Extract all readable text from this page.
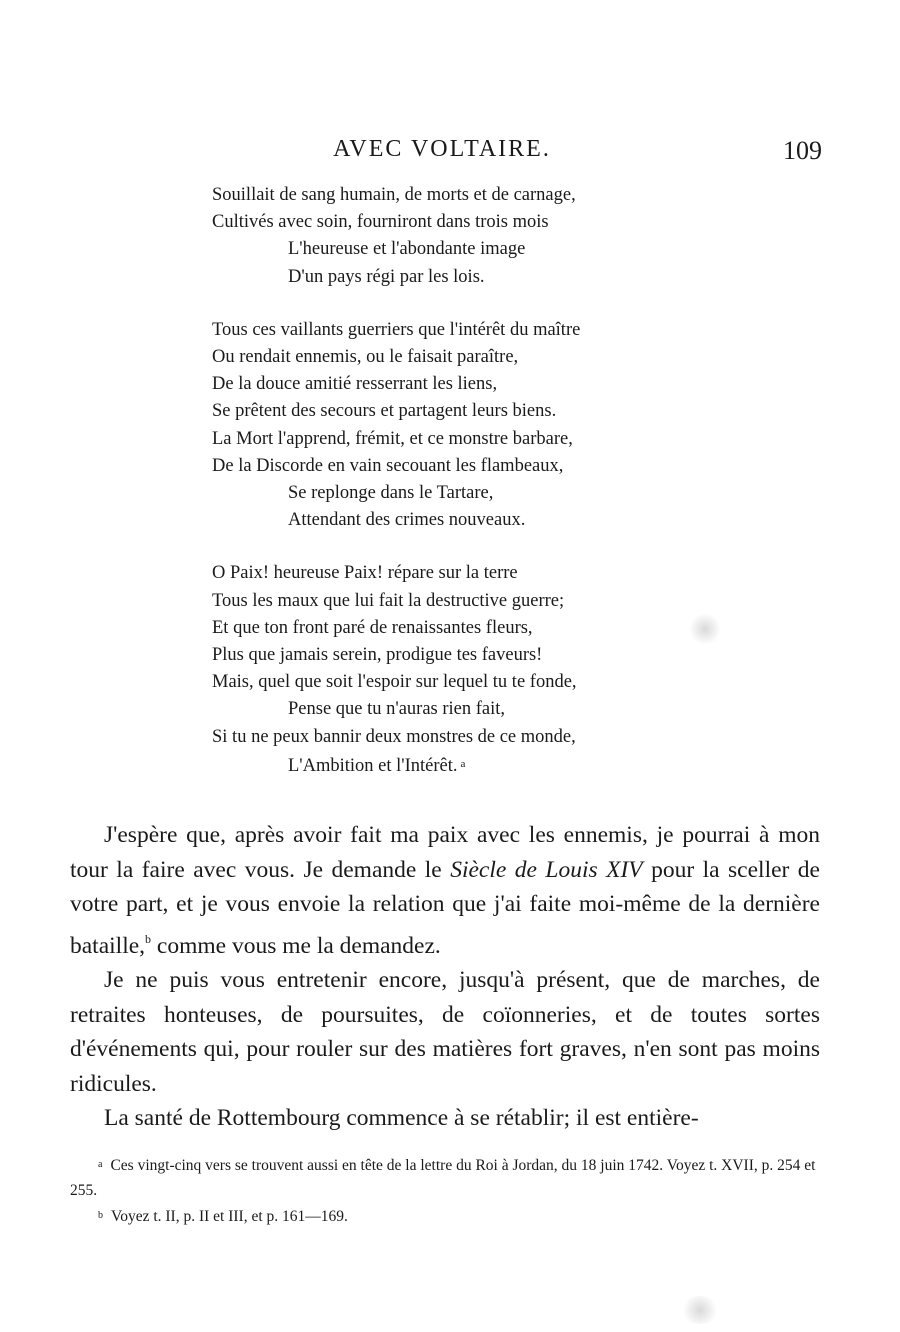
AVEC VOLTAIRE.	109
Souillait de sang humain, de morts et de carnage,
Cultivés avec soin, fourniront dans trois mois
L'heureuse et l'abondante image
D'un pays régi par les lois.
Tous ces vaillants guerriers que l'intérêt du maître
Ou rendait ennemis, ou le faisait paraître,
De la douce amitié resserrant les liens,
Se prêtent des secours et partagent leurs biens.
La Mort l'apprend, frémit, et ce monstre barbare,
De la Discorde en vain secouant les flambeaux,
Se replonge dans le Tartare,
Attendant des crimes nouveaux.
O Paix! heureuse Paix! répare sur la terre
Tous les maux que lui fait la destructive guerre;
Et que ton front paré de renaissantes fleurs,
Plus que jamais serein, prodigue tes faveurs!
Mais, quel que soit l'espoir sur lequel tu te fonde,
Pense que tu n'auras rien fait,
Si tu ne peux bannir deux monstres de ce monde,
L'Ambition et l'Intérêt. $^a$

J'espère que, après avoir fait ma paix avec les ennemis, je pourrai à mon tour la faire avec vous. Je demande le Siècle de Louis XIV pour la sceller de votre part, et je vous envoie la relation que j'ai faite moi-même de la dernière bataille,$^b$ comme vous me la demandez.

Je ne puis vous entretenir encore, jusqu'à présent, que de marches, de retraites honteuses, de poursuites, de coïonneries, et de toutes sortes d'événements qui, pour rouler sur des matières fort graves, n'en sont pas moins ridicules.

La santé de Rottembourg commence à se rétablir; il est entière-

a Ces vingt-cinq vers se trouvent aussi en tête de la lettre du Roi à Jordan, du 18 juin 1742. Voyez t. XVII, p. 254 et 255.

b Voyez t. II, p. II et III, et p. 161—169.
